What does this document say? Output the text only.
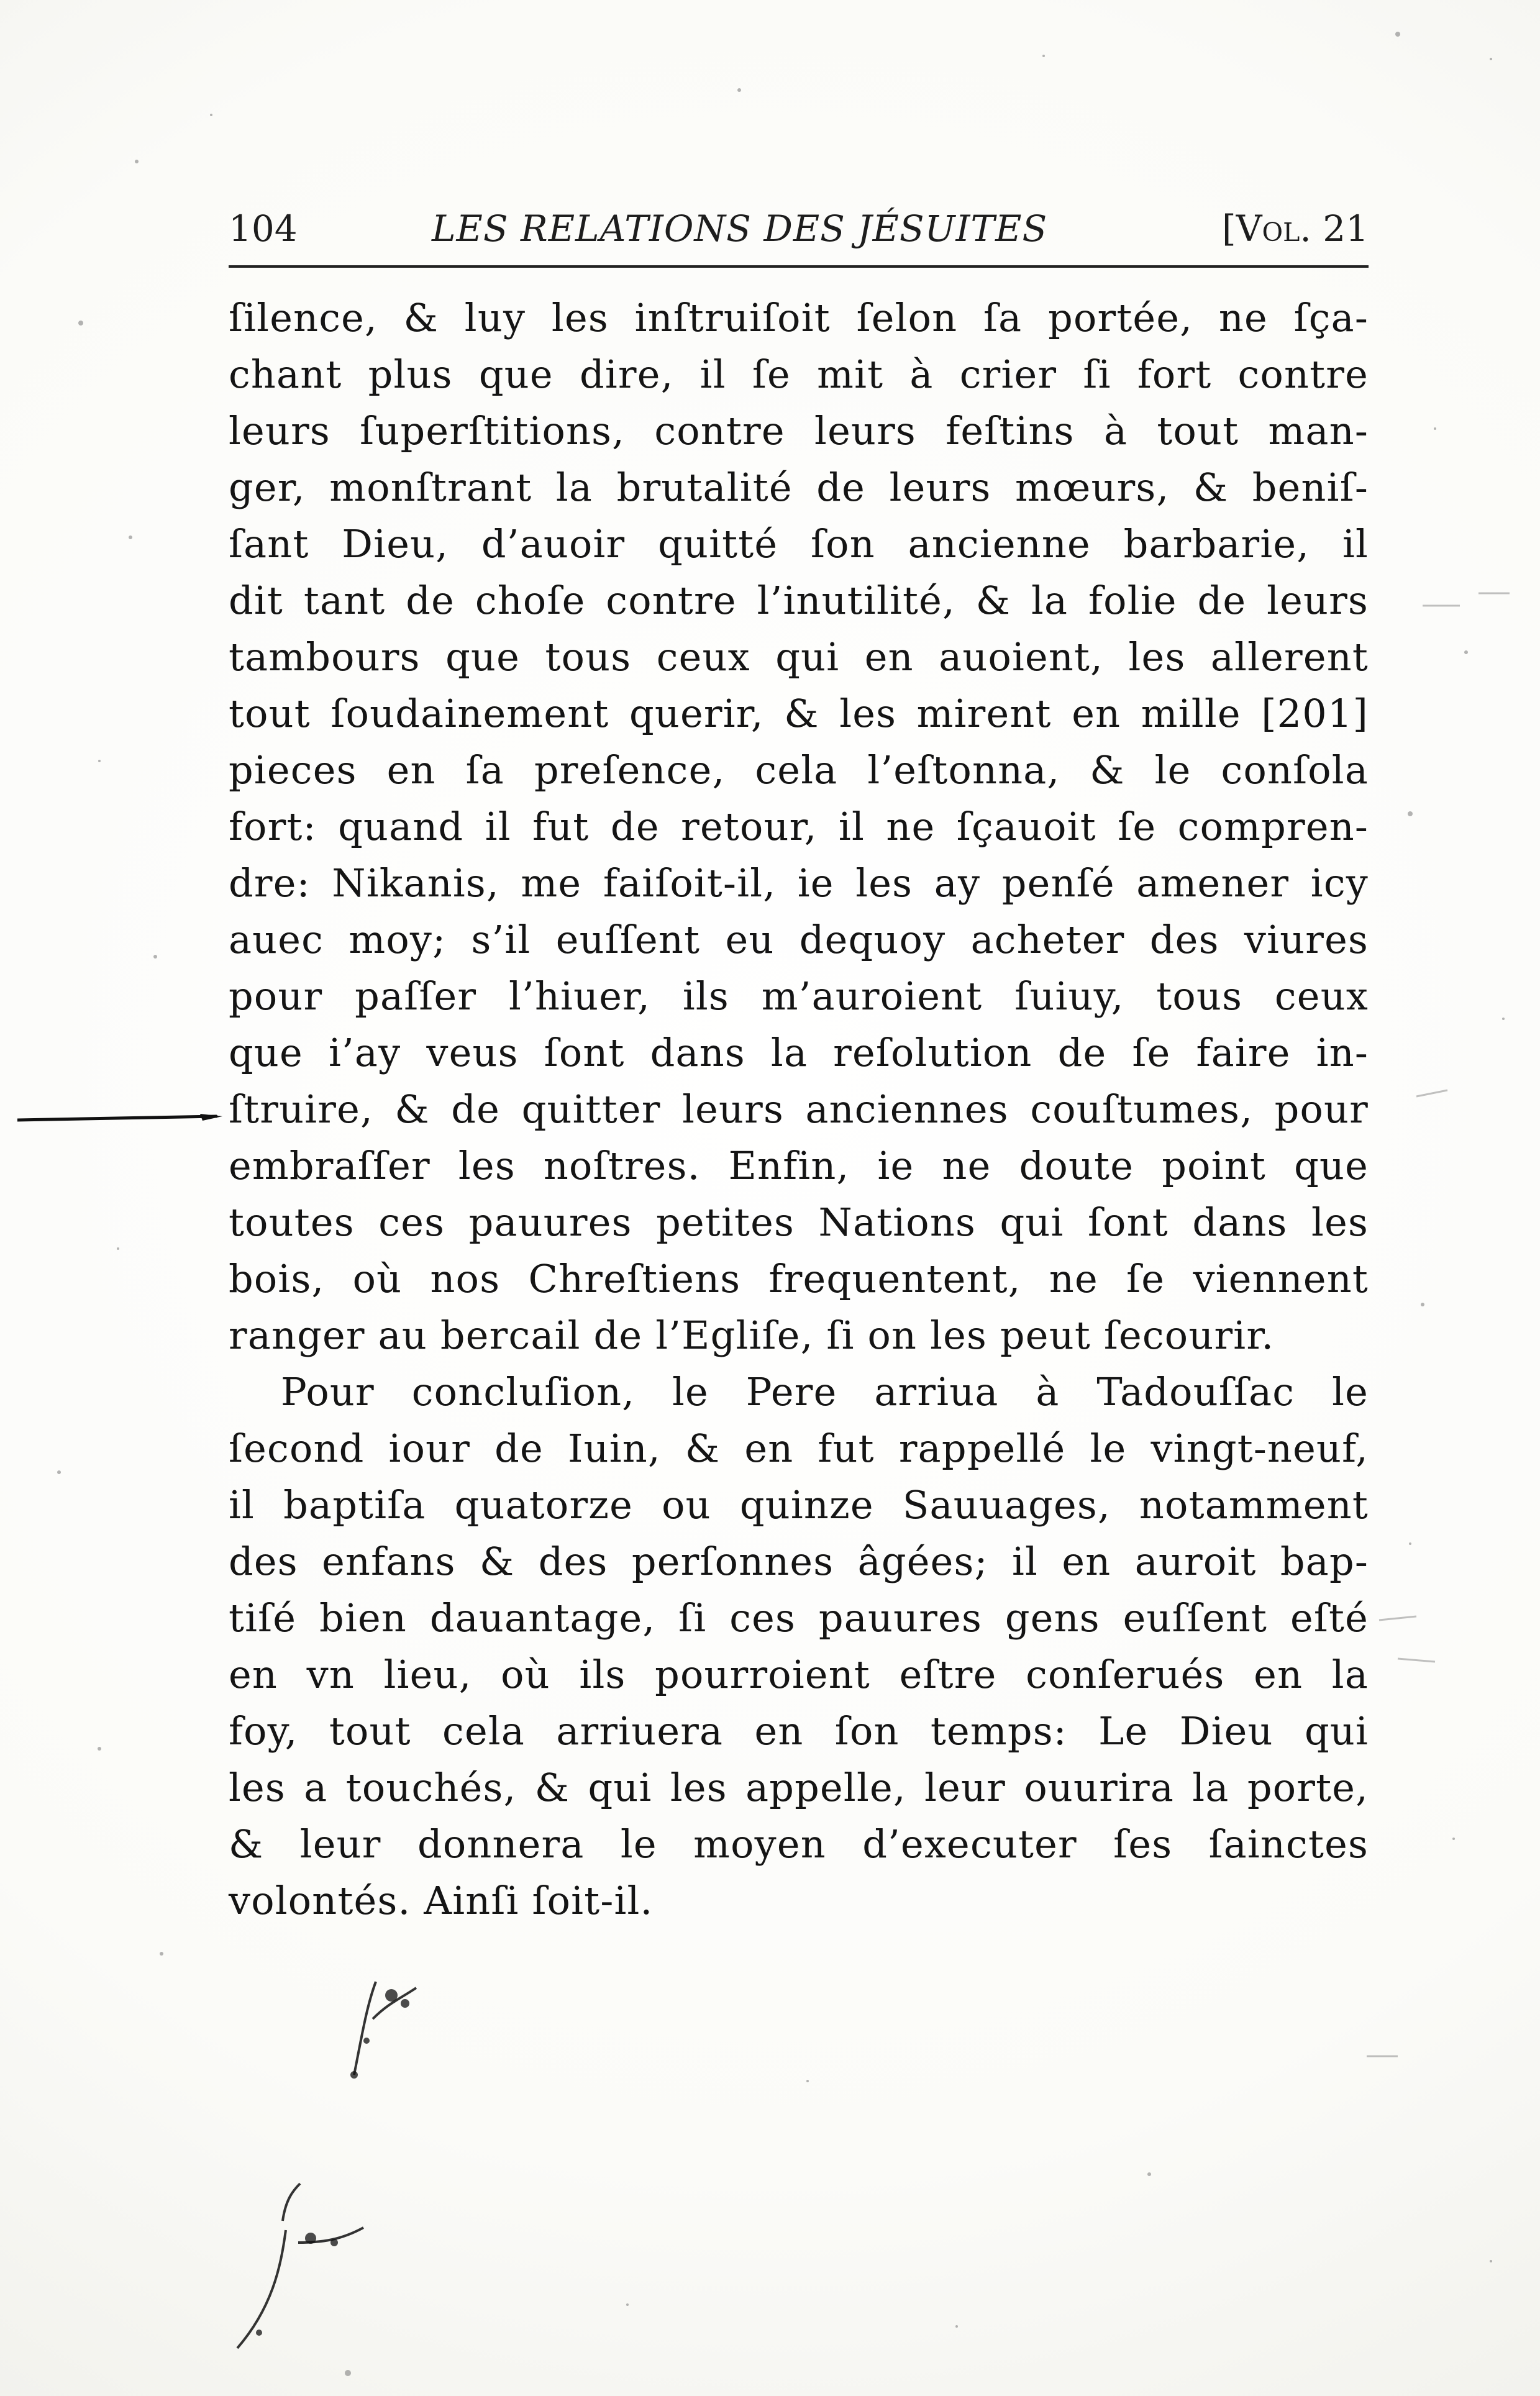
104	LES RELATIONS DES JÉSUITES	[Vol. 21
ſilence, & luy les inſtruiſoit ſelon ſa portée, ne ſça-
chant plus que dire, il ſe mit à crier ſi fort contre
leurs ſuperſtitions, contre leurs feſtins à tout man-
ger, monſtrant la brutalité de leurs mœurs, & beniſ-
ſant Dieu, d’auoir quitté ſon ancienne barbarie, il
dit tant de choſe contre l’inutilité, & la folie de leurs
tambours que tous ceux qui en auoient, les allerent
tout ſoudainement querir, & les mirent en mille [201]
pieces en ſa preſence, cela l’eſtonna, & le conſola
fort: quand il fut de retour, il ne ſçauoit ſe compren-
dre: Nikanis, me faiſoit-il, ie les ay penſé amener icy
auec moy; s’il euſſent eu dequoy acheter des viures
pour paſſer l’hiuer, ils m’auroient ſuiuy, tous ceux
que i’ay veus ſont dans la reſolution de ſe faire in-
ſtruire, & de quitter leurs anciennes couſtumes, pour
embraſſer les noſtres. Enfin, ie ne doute point que
toutes ces pauures petites Nations qui ſont dans les
bois, où nos Chreſtiens frequentent, ne ſe viennent
ranger au bercail de l’Egliſe, ſi on les peut ſecourir.
Pour concluſion, le Pere arriua à Tadouſſac le
ſecond iour de Iuin, & en fut rappellé le vingt-neuf,
il baptiſa quatorze ou quinze Sauuages, notamment
des enfans & des perſonnes âgées; il en auroit bap-
tiſé bien dauantage, ſi ces pauures gens euſſent eſté
en vn lieu, où ils pourroient eſtre conſerués en la
foy, tout cela arriuera en ſon temps: Le Dieu qui
les a touchés, & qui les appelle, leur ouurira la porte,
& leur donnera le moyen d’executer ſes ſainctes
volontés. Ainſi ſoit-il.
